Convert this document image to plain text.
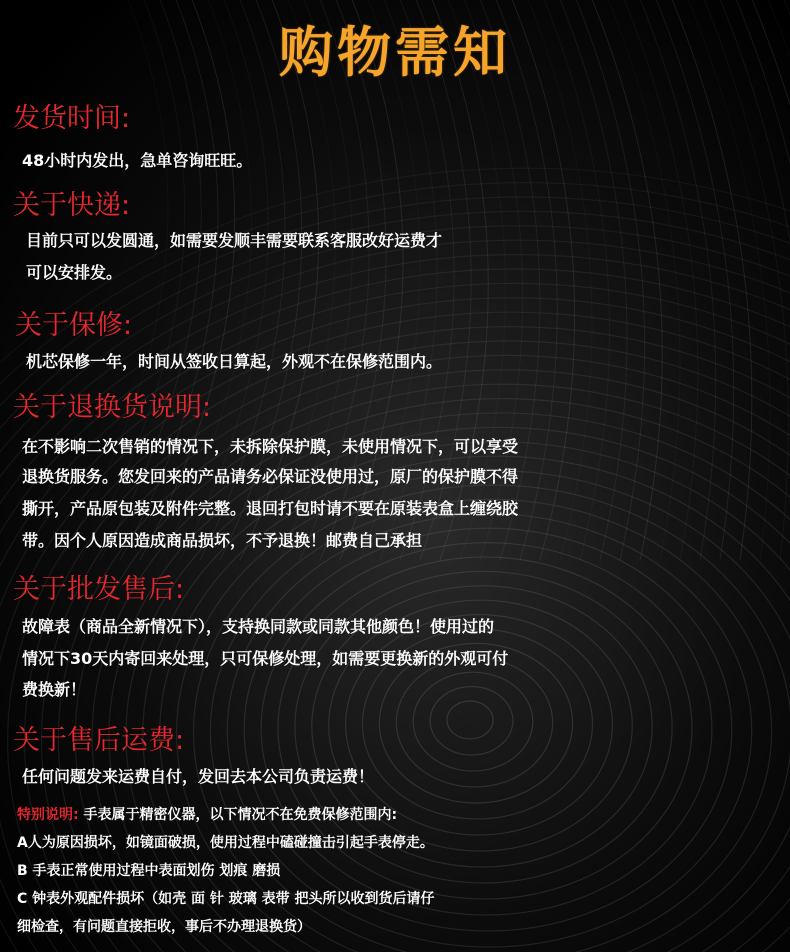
购物需知
发货时间:
48小时内发出，急单咨询旺旺。
关于快递:
目前只可以发圆通，如需要发顺丰需要联系客服改好运费才
可以安排发。
关于保修:
机芯保修一年，时间从签收日算起，外观不在保修范围内。
关于退换货说明:
在不影响二次售销的情况下，未拆除保护膜，未使用情况下，可以享受
退换货服务。您发回来的产品请务必保证没使用过，原厂的保护膜不得
撕开，产品原包装及附件完整。退回打包时请不要在原装表盒上缠绕胶
带。因个人原因造成商品损坏，不予退换！邮费自己承担
关于批发售后:
故障表（商品全新情况下），支持换同款或同款其他颜色！使用过的
情况下30天内寄回来处理，只可保修处理，如需要更换新的外观可付
费换新！
关于售后运费:
任何问题发来运费自付，发回去本公司负责运费！
特别说明: 手表属于精密仪器，以下情况不在免费保修范围内:
A人为原因损坏，如镜面破损，使用过程中磕碰撞击引起手表停走。
B 手表正常使用过程中表面划伤 划痕 磨损
C 钟表外观配件损坏（如壳 面 针 玻璃 表带 把头所以收到货后请仔
细检查，有问题直接拒收，事后不办理退换货）
